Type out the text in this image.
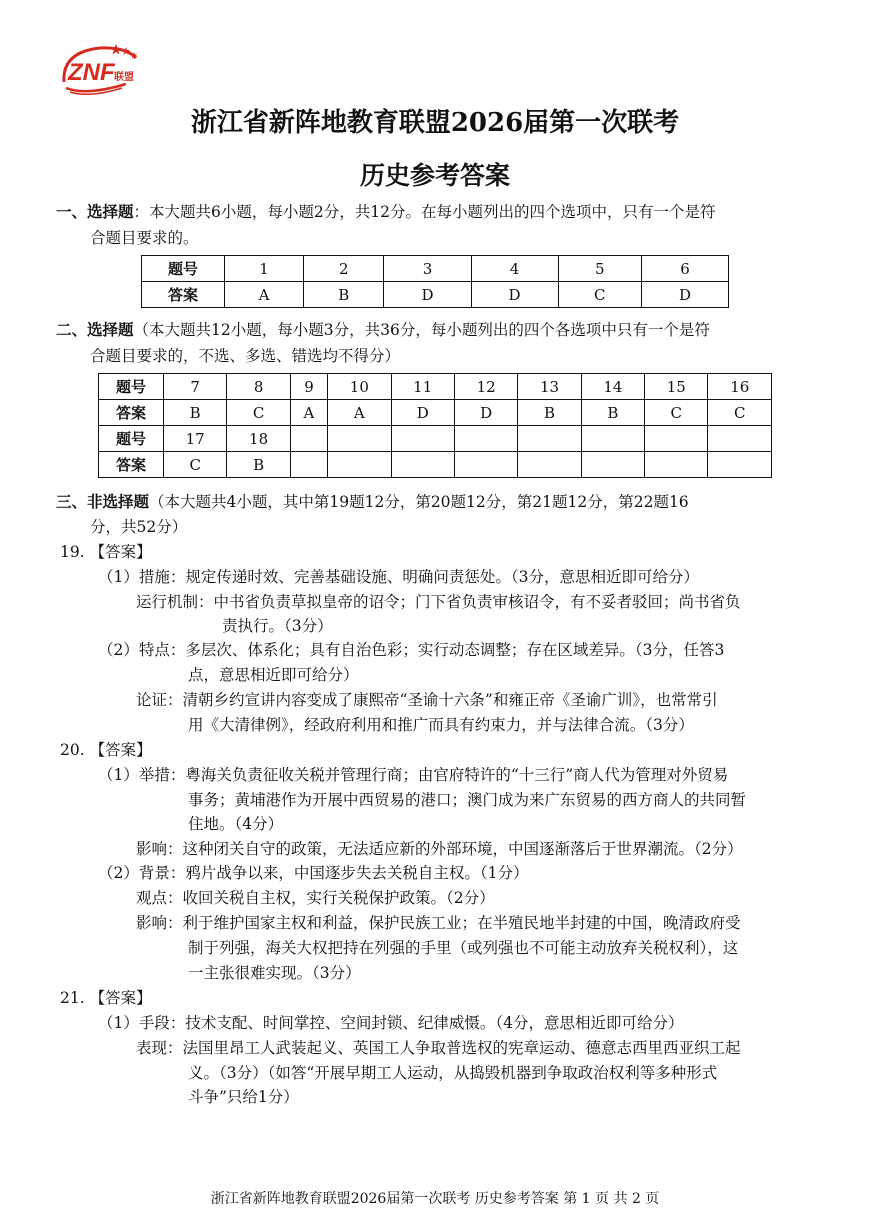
ZNF 联盟
浙江省新阵地教育联盟2026届第一次联考
历史参考答案
一、选择题：本大题共6小题，每小题2分，共12分。在每小题列出的四个选项中，只有一个是符
合题目要求的。
题号	1	2	3	4	5	6
答案	A	B	D	D	C	D
二、选择题（本大题共12小题，每小题3分，共36分，每小题列出的四个各选项中只有一个是符
合题目要求的，不选、多选、错选均不得分）
题号	7	8	9	10	11	12	13	14	15	16
答案	B	C	A	A	D	D	B	B	C	C
题号	17	18								
答案	C	B								
三、非选择题（本大题共4小题，其中第19题12分，第20题12分，第21题12分，第22题16
分，共52分）
19. 【答案】
（1）措施：规定传递时效、完善基础设施、明确问责惩处。（3分，意思相近即可给分）
运行机制：中书省负责草拟皇帝的诏令；门下省负责审核诏令，有不妥者驳回；尚书省负
责执行。（3分）
（2）特点：多层次、体系化；具有自治色彩；实行动态调整；存在区域差异。（3分，任答3
点，意思相近即可给分）
论证：清朝乡约宣讲内容变成了康熙帝“圣谕十六条”和雍正帝《圣谕广训》，也常常引
用《大清律例》，经政府利用和推广而具有约束力，并与法律合流。（3分）
20. 【答案】
（1）举措：粤海关负责征收关税并管理行商；由官府特许的“十三行”商人代为管理对外贸易
事务；黄埔港作为开展中西贸易的港口；澳门成为来广东贸易的西方商人的共同暂
住地。（4分）
影响：这种闭关自守的政策，无法适应新的外部环境，中国逐渐落后于世界潮流。（2分）
（2）背景：鸦片战争以来，中国逐步失去关税自主权。（1分）
观点：收回关税自主权，实行关税保护政策。（2分）
影响：利于维护国家主权和利益，保护民族工业；在半殖民地半封建的中国，晚清政府受
制于列强，海关大权把持在列强的手里（或列强也不可能主动放弃关税权利），这
一主张很难实现。（3分）
21. 【答案】
（1）手段：技术支配、时间掌控、空间封锁、纪律威慑。（4分，意思相近即可给分）
表现：法国里昂工人武装起义、英国工人争取普选权的宪章运动、德意志西里西亚织工起
义。（3分）（如答“开展早期工人运动，从捣毁机器到争取政治权利等多种形式
斗争”只给1分）
浙江省新阵地教育联盟2026届第一次联考 历史参考答案 第 1 页 共 2 页
